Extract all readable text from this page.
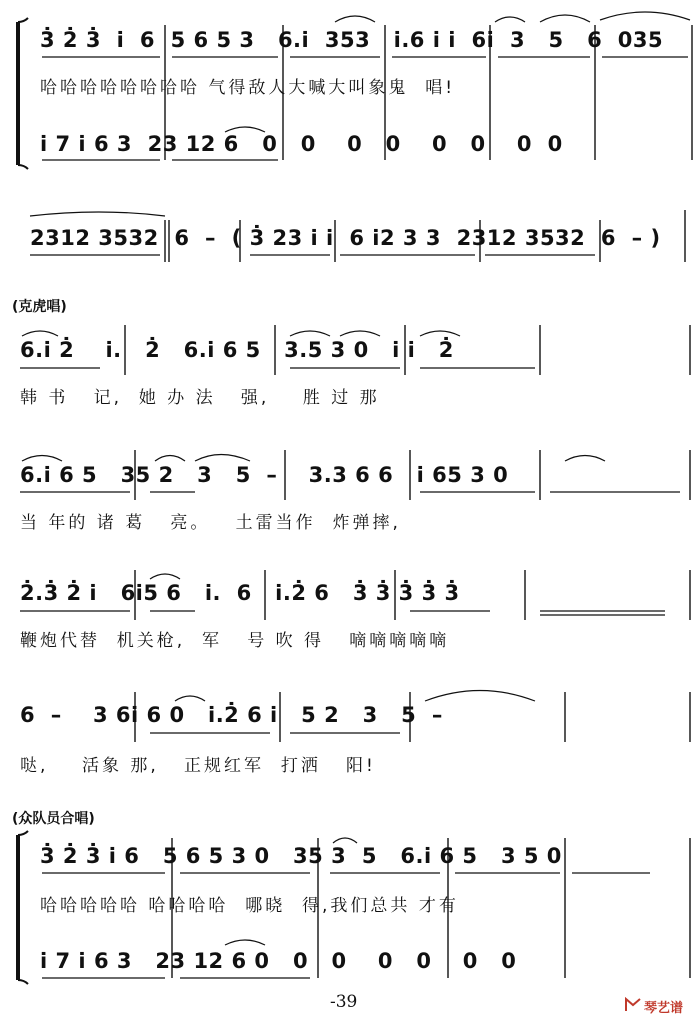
3̇ 2̇ 3̇  i̇  6  5 6 5 3   6.i̇  353   i̇.6 i̇ i̇  6i̇  3   5   6  035
哈哈哈哈哈哈哈哈 气得敌人大喊大叫象鬼  唱!
i̇ 7 i̇ 6 3  23 12 6   0   0    0   0    0   0    0  0
2312 3532  6  –  ( 3̇ 23 i̇ i̇  6 i̇2 3 3  2312 3532  6  – )
(克虎唱)
6.i̇ 2̇    i̇.   2̇   6.i̇ 6 5   3.5 3 0   i̇ i̇   2̇
韩 书   记,  她 办 法   强,    胜 过 那
6.i̇ 6 5   35 2   3   5  –    3.3 6 6   i̇ 65 3 0
当 年的 诸 葛   亮。   土雷当作  炸弹摔,
2̇.3̇ 2̇ i̇   6i̇5 6   i̇.  6   i̇.2̇ 6   3̇ 3̇ 3̇ 3̇ 3̇
鞭炮代替  机关枪,  军   号 吹 得   嘀嘀嘀嘀嘀
6  –    3 6i̇ 6 0   i̇.2̇ 6 i̇   5 2   3   5  –
哒,    活象 那,   正规红军  打洒   阳!
(众队员合唱)
3̇ 2̇ 3̇ i̇ 6   5 6 5 3 0   35 3  5   6.i̇ 6 5   3 5 0
哈哈哈哈哈 哈哈哈哈  哪晓  得,我们总共 才有
i̇ 7 i̇ 6 3   23 12 6 0   0   0    0   0    0   0
-39	琴艺谱
